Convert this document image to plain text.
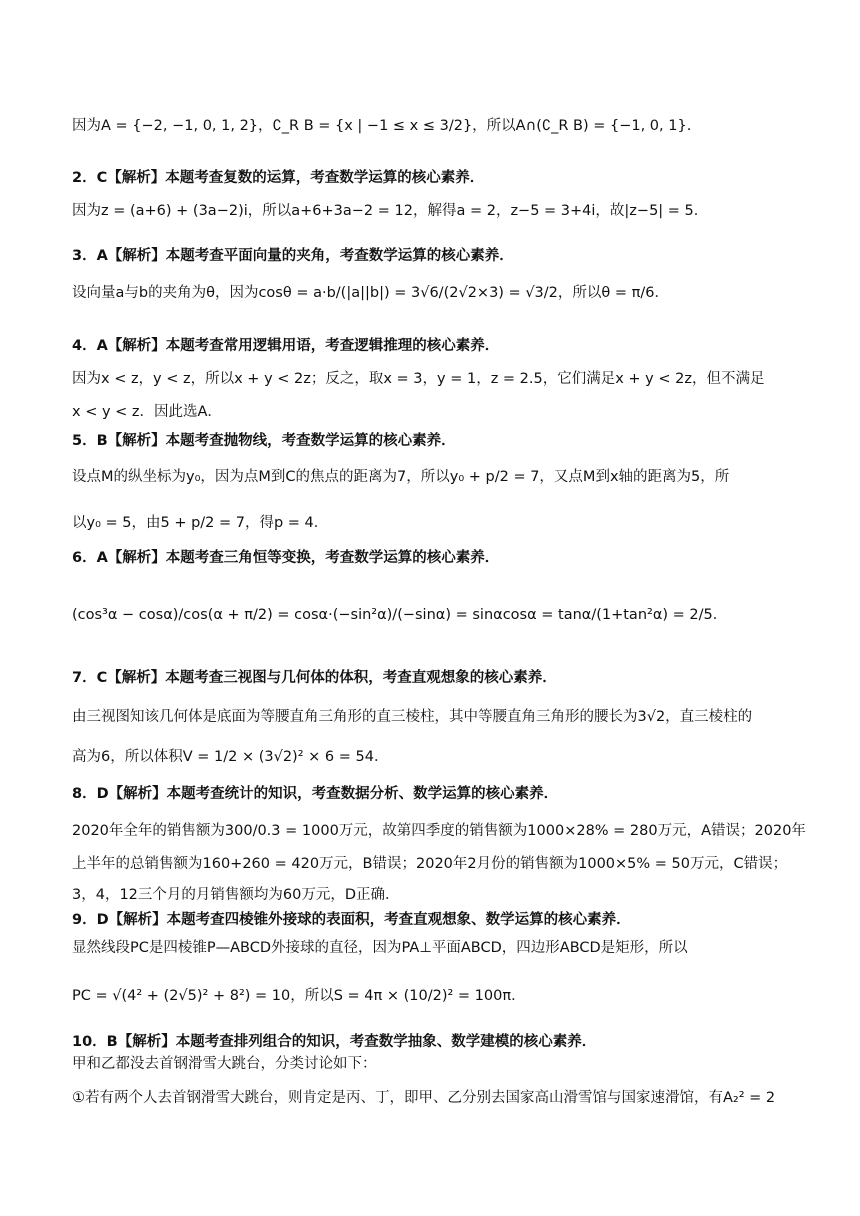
因为A = {−2, −1, 0, 1, 2}，∁_R B = {x | −1 ≤ x ≤ 3/2}，所以A∩(∁_R B) = {−1, 0, 1}.
2．C【解析】本题考查复数的运算，考查数学运算的核心素养．
因为z = (a+6) + (3a−2)i，所以a+6+3a−2 = 12，解得a = 2，z−5 = 3+4i，故|z−5| = 5．
3．A【解析】本题考查平面向量的夹角，考查数学运算的核心素养．
设向量a与b的夹角为θ，因为cosθ = a·b/(|a||b|) = 3√6/(2√2×3) = √3/2，所以θ = π/6．
4．A【解析】本题考查常用逻辑用语，考查逻辑推理的核心素养．
因为x < z，y < z，所以x + y < 2z；反之，取x = 3，y = 1，z = 2.5，它们满足x + y < 2z，但不满足
x < y < z．因此选A．
5．B【解析】本题考查抛物线，考查数学运算的核心素养．
设点M的纵坐标为y₀，因为点M到C的焦点的距离为7，所以y₀ + p/2 = 7，又点M到x轴的距离为5，所
以y₀ = 5，由5 + p/2 = 7，得p = 4．
6．A【解析】本题考查三角恒等变换，考查数学运算的核心素养．
(cos³α − cosα)/cos(α + π/2) = cosα·(−sin²α)/(−sinα) = sinαcosα = tanα/(1+tan²α) = 2/5．
7．C【解析】本题考查三视图与几何体的体积，考查直观想象的核心素养．
由三视图知该几何体是底面为等腰直角三角形的直三棱柱，其中等腰直角三角形的腰长为3√2，直三棱柱的
高为6，所以体积V = 1/2 × (3√2)² × 6 = 54．
8．D【解析】本题考查统计的知识，考查数据分析、数学运算的核心素养．
2020年全年的销售额为300/0.3 = 1000万元，故第四季度的销售额为1000×28% = 280万元，A错误；2020年
上半年的总销售额为160+260 = 420万元，B错误；2020年2月份的销售额为1000×5% = 50万元，C错误；
3，4，12三个月的月销售额均为60万元，D正确．
9．D【解析】本题考查四棱锥外接球的表面积，考查直观想象、数学运算的核心素养．
显然线段PC是四棱锥P—ABCD外接球的直径，因为PA⊥平面ABCD，四边形ABCD是矩形，所以
PC = √(4² + (2√5)² + 8²) = 10，所以S = 4π × (10/2)² = 100π．
10．B【解析】本题考查排列组合的知识，考查数学抽象、数学建模的核心素养．
甲和乙都没去首钢滑雪大跳台，分类讨论如下：
①若有两个人去首钢滑雪大跳台，则肯定是丙、丁，即甲、乙分别去国家高山滑雪馆与国家速滑馆，有A₂² = 2
